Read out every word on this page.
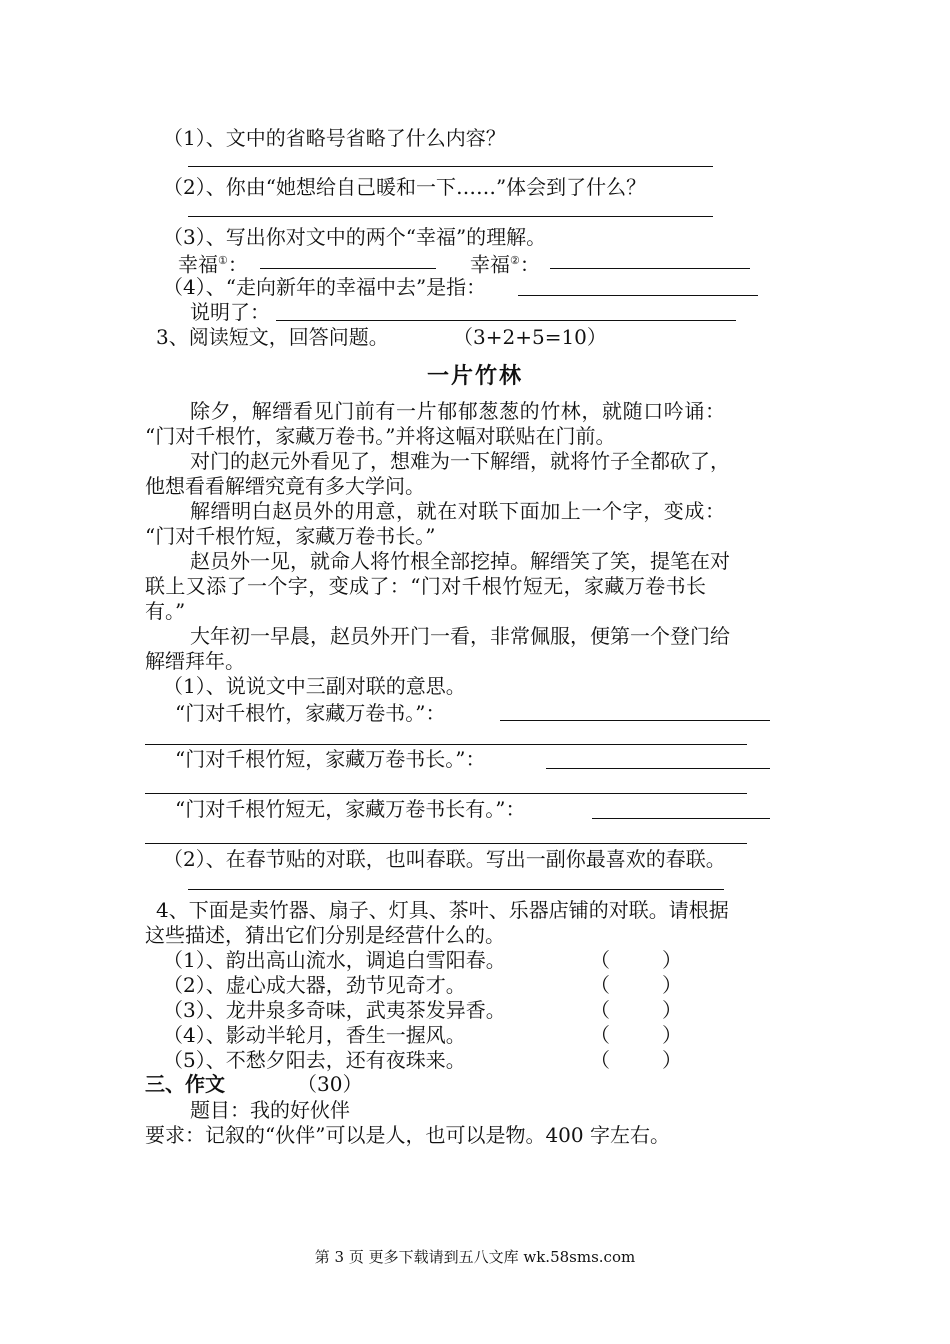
（1）、文中的省略号省略了什么内容？
（2）、你由“她想给自己暖和一下……”体会到了什么？
（3）、写出你对文中的两个“幸福”的理解。
幸福①：	幸福②：
（4）、“走向新年的幸福中去”是指：
说明了：
3、阅读短文，回答问题。	（3+2+5=10）
一片竹林
除夕，解缙看见门前有一片郁郁葱葱的竹林，就随口吟诵：
“门对千根竹，家藏万卷书。”并将这幅对联贴在门前。
对门的赵元外看见了，想难为一下解缙，就将竹子全都砍了，
他想看看解缙究竟有多大学问。
解缙明白赵员外的用意，就在对联下面加上一个字，变成：
“门对千根竹短，家藏万卷书长。”
赵员外一见，就命人将竹根全部挖掉。解缙笑了笑，提笔在对
联上又添了一个字，变成了：“门对千根竹短无，家藏万卷书长
有。”
大年初一早晨，赵员外开门一看，非常佩服，便第一个登门给
解缙拜年。
（1）、说说文中三副对联的意思。
“门对千根竹，家藏万卷书。”：
“门对千根竹短，家藏万卷书长。”：
“门对千根竹短无，家藏万卷书长有。”：
（2）、在春节贴的对联，也叫春联。写出一副你最喜欢的春联。
4、下面是卖竹器、扇子、灯具、茶叶、乐器店铺的对联。请根据
这些描述，猜出它们分别是经营什么的。
（1）、韵出高山流水，调追白雪阳春。	（	）
（2）、虚心成大器，劲节见奇才。	（	）
（3）、龙井泉多奇味，武夷茶发异香。	（	）
（4）、影动半轮月，香生一握风。	（	）
（5）、不愁夕阳去，还有夜珠来。	（	）
三、作文	（30）
题目：我的好伙伴
要求：记叙的“伙伴”可以是人，也可以是物。400 字左右。
第 3 页 更多下载请到五八文库 wk.58sms.com
